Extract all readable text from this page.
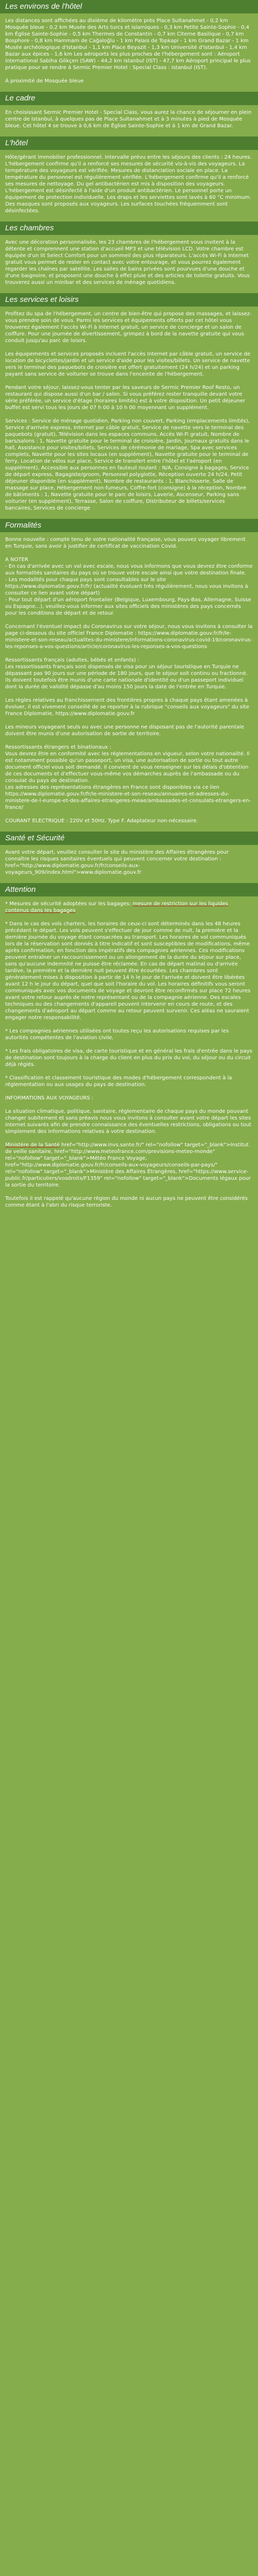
Les environs de l'hôtel

Les distances sont affichées au dixième de kilomètre près Place Sultanahmet - 0,2 km Mosquée bleue - 0,2 km Musée des Arts turcs et islamiques - 0,3 km Petite Sainte-Sophie - 0,4 km Église Sainte-Sophie - 0,5 km Thermes de Constantin - 0,7 km Citerne Basilique - 0,7 km Bosphore - 0,8 km Hammam de Cağaloğlu - 1 km Palais de Topkapi - 1 km Grand Bazar - 1 km Musée archéologique d'Istanbul - 1,1 km Place Beyazit - 1,3 km Université d'Istanbul - 1,4 km Bazar aux épices - 1,6 km Les aéroports les plus proches de l'hébergement sont : Aéroport international Sabiha Gökçen (SAW) - 44,2 km Istanbul (IST) - 47,7 km Aéroport principal le plus pratique pour se rendre à Sermic Premier Hotel : Special Class : Istanbul (IST).

À proximité de Mosquée bleue

Le cadre

En choisissant Sermic Premier Hotel - Special Class, vous aurez la chance de séjourner en plein centre de Istanbul, à quelques pas de Place Sultanahmet et à 3 minutes à pied de Mosquée bleue. Cet hôtel 4 se trouve à 0,6 km de Église Sainte-Sophie et à 1 km de Grand Bazar.

L'hôtel

Hôte/gérant immobilier professionnel. Intervalle prévu entre les séjours des clients : 24 heures. L'hébergement confirme qu'il a renforcé ses mesures de sécurité vis-à-vis des voyageurs. La température des voyageurs est vérifiée. Mesures de distanciation sociale en place. La température du personnel est régulièrement vérifiée. L'hébergement confirme qu'il a renforcé ses mesures de nettoyage. Du gel antibactérien est mis à disposition des voyageurs. L'hébergement est désinfecté à l'aide d'un produit antibactérien. Le personnel porte un équipement de protection individuelle. Les draps et les serviettes sont lavés à 60 °C minimum. Des masques sont proposés aux voyageurs. Les surfaces touchées fréquemment sont désinfectées.

Les chambres

Avec une décoration personnalisée, les 23 chambres de l'hébergement vous invitent à la détente et comprennent une station d'accueil MP3 et une télévision LCD. Votre chambre est équipée d'un lit Select Comfort pour un sommeil des plus réparateurs. L'accès Wi-Fi à Internet gratuit vous permet de rester en contact avec votre entourage, et vous pourrez également regarder les chaînes par satellite. Les salles de bains privées sont pourvues d'une douche et d'une baignoire, et proposent une douche à effet pluie et des articles de toilette gratuits. Vous trouverez aussi un minibar et des services de ménage quotidiens.

Les services et loisirs

Profitez du spa de l'hébergement, un centre de bien-être qui propose des massages, et laissez-vous prendre soin de vous. Parmi les services et équipements offerts par cet hôtel vous trouverez également l'accès Wi-Fi à Internet gratuit, un service de concierge et un salon de coiffure. Pour une journée de divertissement, grimpez à bord de la navette gratuite qui vous conduit jusqu'au parc de loisirs.

Les équipements et services proposés incluent l'accès Internet par câble gratuit, un service de location de bicyclettes/jardin et un service d'aide pour les visites/billets. Un service de navette vers le terminal des paquebots de croisière est offert gratuitement (24 h/24) et un parking payant sans service de voiturier se trouve dans l'enceinte de l'hébergement.

Pendant votre séjour, laissez-vous tenter par les saveurs de Sermic Premier Roof Resto, un restaurant qui dispose aussi d'un bar / salon. Si vous préférez rester tranquille devant votre série préférée, un service d'étage (horaires limités) est à votre disposition. Un petit déjeuner buffet est servi tous les jours de 07 h 00 à 10 h 00 moyennant un supplément.

Services : Service de ménage quotidien, Parking non couvert, Parking (emplacements limités), Service d'arrivée express, Internet par câble gratuit, Service de navette vers le terminal des paquebots (gratuit), Télévision dans les espaces communs, Accès Wi-Fi gratuit, Nombre de bars/salons : 1, Navette gratuite pour le terminal de croisière, Jardin, Journaux gratuits dans le hall, Assistance pour visites/billets, Services de cérémonie de mariage, Spa avec services complets, Navette pour les sites locaux (en supplément), Navette gratuite pour le terminal de ferry, Location de vélos sur place, Service de transfert entre l'hôtel et l'aéroport (en supplément), Accessible aux personnes en fauteuil roulant : N/A, Consigne à bagages, Service de départ express, Bagagiste/groom, Personnel polyglotte, Réception ouverte 24 h/24, Petit déjeuner disponible (en supplément), Nombre de restaurants : 1, Blanchisserie, Salle de massage sur place, Hébergement non-fumeurs, Coffre-fort (consigne) à la réception, Nombre de bâtiments : 1, Navette gratuite pour le parc de loisirs, Laverie, Ascenseur, Parking sans voiturier (en supplément), Terrasse, Salon de coiffure, Distributeur de billets/services bancaires, Services de concierge

Formalités

Bonne nouvelle : compte tenu de votre nationalité française, vous pouvez voyager librement en Turquie, sans avoir à justifier de certificat de vaccination Covid.

A NOTER

- En cas d'arrivée avec un vol avec escale, nous vous informons que vous devrez être conforme aux formalités sanitaires du pays où se trouve votre escale ainsi que votre destination finale.

- Les modalités pour chaque pays sont consultables sur le site https://www.diplomatie.gouv.fr/fr/ (actualité évoluant très régulièrement, nous vous invitons à consulter ce lien avant votre départ)

- Pour tout départ d'un aéroport frontalier (Belgique, Luxembourg, Pays-Bas, Allemagne, Suisse ou Espagne...), veuillez-vous informer aux sites officiels des ministères des pays concernés pour les conditions de départ et de retour.

Concernant l'éventuel impact du Coronavirus sur votre séjour, nous vous invitons à consulter la page ci-dessous du site officiel France Diplomatie : https://www.diplomatie.gouv.fr/fr/le-ministere-et-son-reseau/actualites-du-ministere/informations-coronavirus-covid-19/coronavirus-les-reponses-a-vos-questions/article/coronavirus-les-reponses-a-vos-questions

Ressortissants français (adultes, bébés et enfants) :

Les ressortissants français sont dispensés de visa pour un séjour touristique en Turquie ne dépassant pas 90 jours sur une période de 180 jours, que le séjour soit continu ou fractionné. Ils doivent toutefois être munis d'une carte nationale d'identité ou d'un passeport individuel dont la durée de validité dépasse d'au moins 150 jours la date de l'entrée en Turquie.

Les règles relatives au franchissement des frontières propres à chaque pays étant amenées à évoluer, il est vivement conseillé de se reporter à la rubrique "conseils aux voyageurs" du site France Diplomatie, https://www.diplomatie.gouv.fr

Les mineurs voyageant seuls ou avec une personne ne disposant pas de l'autorité parentale doivent être munis d'une autorisation de sortie de territoire.

Ressortissants étrangers et binationaux :

Vous devrez être en conformité avec les réglementations en vigueur, selon votre nationalité. Il est notamment possible qu'un passeport, un visa, une autorisation de sortie ou tout autre document officiel vous soit demandé. Il convient de vous renseigner sur les délais d'obtention de ces documents et d'effectuer vous-même vos démarches auprès de l'ambassade ou du consulat du pays de destination.

Les adresses des représentations étrangères en France sont disponibles via ce lien https://www.diplomatie.gouv.fr/fr/le-ministere-et-son-reseau/annuaires-et-adresses-du-ministere-de-l-europe-et-des-affaires-etrangeres-meae/ambassades-et-consulats-etrangers-en-france/

COURANT ELECTRIQUE : 220V et 50Hz. Type F. Adaptateur non-nécessaire.

Santé et Sécurité

Avant votre départ, veuillez consulter le site du ministère des Affaires étrangères pour connaître les risques sanitaires éventuels qui peuvent concerner votre destination : href="http://www.diplomatie.gouv.fr/fr/conseils-aux-voyageurs_909/index.html">www.diplomatie.gouv.fr

Attention

* Mesures de sécurité adoptées sur les bagages: mesure de restriction sur les liquides contenus dans les bagages

* Dans le cas des vols charters, les horaires de ceux-ci sont déterminés dans les 48 heures précédant le départ. Les vols peuvent s'effectuer de jour comme de nuit, la première et la dernière journée du voyage étant consacrées au transport. Les horaires de vol communiqués lors de la réservation sont donnés à titre indicatif et sont susceptibles de modifications, même après confirmation, en fonction des impératifs des compagnies aériennes. Ces modifications peuvent entraîner un raccourcissement ou un allongement de la durée du séjour sur place, sans qu'aucune indemnité ne puisse être réclamée. En cas de départ matinal ou d'arrivée tardive, la première et la dernière nuit peuvent être écourtées. Les chambres sont généralement mises à disposition à partir de 14 h le jour de l'arrivée et doivent être libérées avant 12 h le jour du départ, quel que soit l'horaire du vol. Les horaires définitifs vous seront communiqués avec vos documents de voyage et devront être reconfirmés sur place 72 heures avant votre retour auprès de notre représentant ou de la compagnie aérienne. Des escales techniques ou des changements d'appareil peuvent intervenir en cours de route, et des changements d'aéroport au départ comme au retour peuvent survenir. Ces aléas ne sauraient engager notre responsabilité.

* Les compagnies aériennes utilisées ont toutes reçu les autorisations requises par les autorités compétentes de l'aviation civile.

* Les frais obligatoires de visa, de carte touristique et en général les frais d'entrée dans le pays de destination sont toujours à la charge du client en plus du prix du vol, du séjour ou du circuit déjà réglés.

* Classification et classement touristique des modes d'hébergement correspondent à la réglementation ou aux usages du pays de destination.

INFORMATIONS AUX VOYAGEURS :

La situation climatique, politique, sanitaire, réglementaire de chaque pays du monde pouvant changer subitement et sans préavis nous vous invitons à consulter avant votre départ les sites internet suivants afin de prendre connaissance des éventuelles restrictions, obligations ou tout simplement des informations relatives à votre destination.

Ministère de la Santé href="http://www.invs.sante.fr/" rel="nofollow" target="_blank">Institut de veille sanitaire, href="http://www.meteofrance.com/previsions-meteo-monde" rel="nofollow" target="_blank">Météo France Voyage, href="http://www.diplomatie.gouv.fr/fr/conseils-aux-voyageurs/conseils-par-pays/" rel="nofollow" target="_blank">Ministère des Affaires Étrangères, href="https://www.service-public.fr/particuliers/vosdroits/F1359" rel="nofollow" target="_blank">Documents légaux pour la sortie du territoire.

Toutefois il est rappelé qu'aucune région du monde ni aucun pays ne peuvent être considérés comme étant à l'abri du risque terroriste.
